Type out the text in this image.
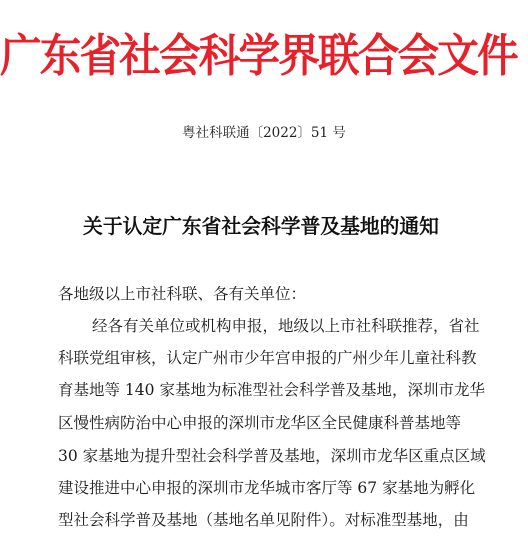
广东省社会科学界联合会文件
粤社科联通〔2022〕51 号
关于认定广东省社会科学普及基地的通知
各地级以上市社科联、各有关单位：
经各有关单位或机构申报，地级以上市社科联推荐，省社
科联党组审核，认定广州市少年宫申报的广州少年儿童社科教
育基地等 140 家基地为标准型社会科学普及基地，深圳市龙华
区慢性病防治中心申报的深圳市龙华区全民健康科普基地等
30 家基地为提升型社会科学普及基地，深圳市龙华区重点区域
建设推进中心申报的深圳市龙华城市客厅等 67 家基地为孵化
型社会科学普及基地（基地名单见附件）。对标准型基地，由
